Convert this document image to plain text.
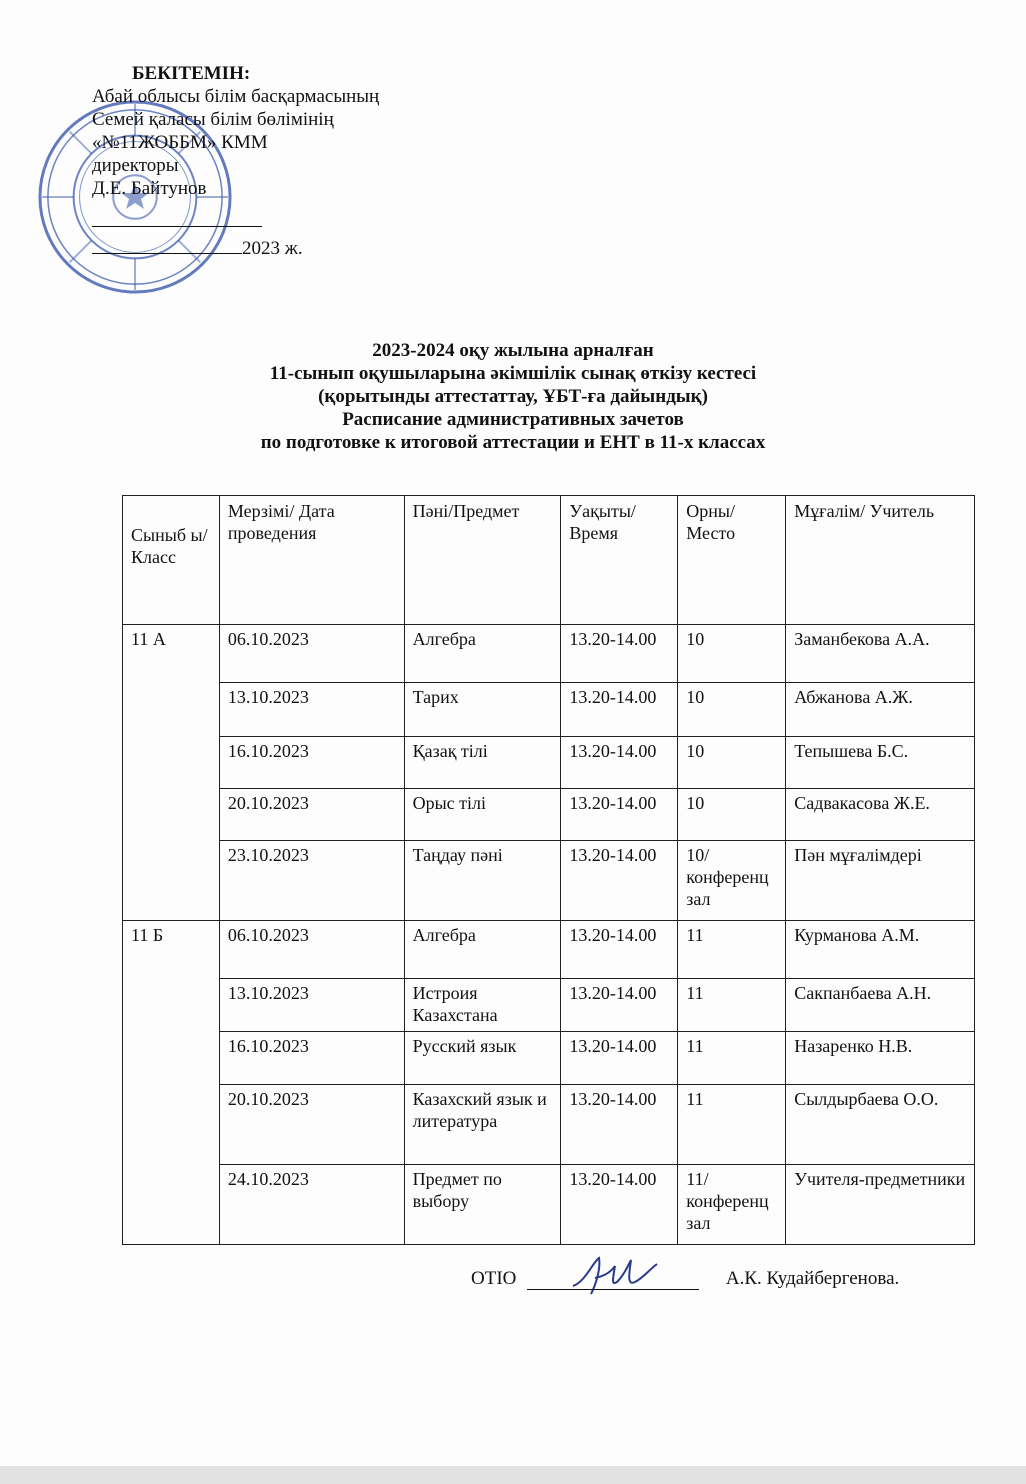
БЕКІТЕМІН:
Абай облысы білім басқармасының
Семей қаласы білім бөлімінің
«№11ЖОББМ» КММ
директоры
Д.Е. Байтунов
2023 ж.
2023-2024 оқу жылына арналған
11-сынып оқушыларына әкімшілік сынақ өткізу кестесі
(қорытынды аттестаттау, ҰБТ-ға дайындық)
Расписание административных зачетов
по подготовке к итоговой аттестации и ЕНТ в 11-х классах
Сыныб ы/ Класс	Мерзімі/ Дата проведения	Пәні/Предмет	Уақыты/ Время	Орны/ Место	Мұғалім/ Учитель
11 А	06.10.2023	Алгебра	13.20-14.00	10	Заманбекова А.А.
	13.10.2023	Тарих	13.20-14.00	10	Абжанова А.Ж.
	16.10.2023	Қазақ тілі	13.20-14.00	10	Тепышева Б.С.
	20.10.2023	Орыс тілі	13.20-14.00	10	Садвакасова Ж.Е.
	23.10.2023	Таңдау пәні	13.20-14.00	10/ конференц зал	Пән мұғалімдері
11 Б	06.10.2023	Алгебра	13.20-14.00	11	Курманова А.М.
	13.10.2023	Истроия Казахстана	13.20-14.00	11	Сакпанбаева А.Н.
	16.10.2023	Русский язык	13.20-14.00	11	Назаренко Н.В.
	20.10.2023	Казахский язык и литература	13.20-14.00	11	Сылдырбаева О.О.
	24.10.2023	Предмет по выбору	13.20-14.00	11/ конференц зал	Учителя-предметники
ОТІО	А.К. Кудайбергенова.
